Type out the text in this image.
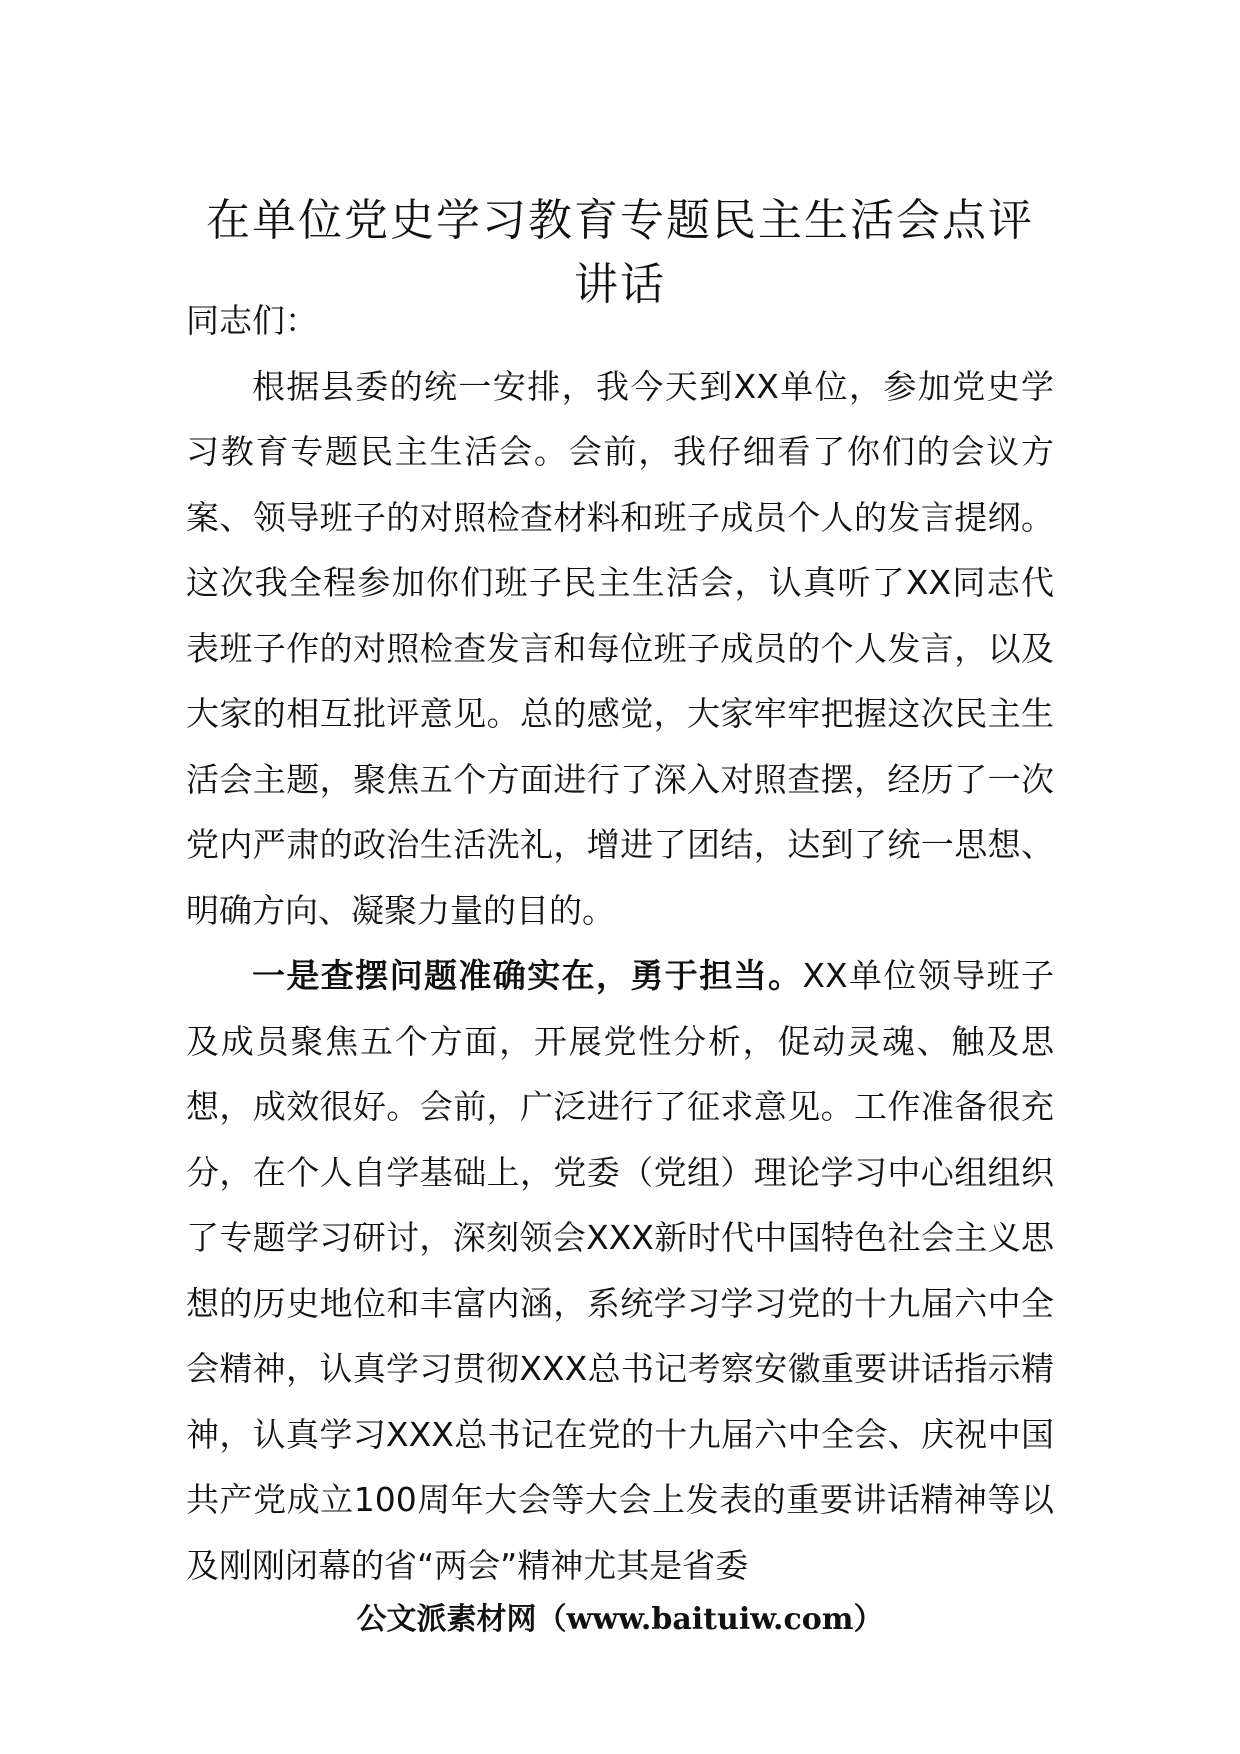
在单位党史学习教育专题民主生活会点评讲话

同志们：

根据县委的统一安排，我今天到XX单位，参加党史学习教育专题民主生活会。会前，我仔细看了你们的会议方案、领导班子的对照检查材料和班子成员个人的发言提纲。这次我全程参加你们班子民主生活会，认真听了XX同志代表班子作的对照检查发言和每位班子成员的个人发言，以及大家的相互批评意见。总的感觉，大家牢牢把握这次民主生活会主题，聚焦五个方面进行了深入对照查摆，经历了一次党内严肃的政治生活洗礼，增进了团结，达到了统一思想、明确方向、凝聚力量的目的。

一是查摆问题准确实在，勇于担当。XX单位领导班子及成员聚焦五个方面，开展党性分析，促动灵魂、触及思想，成效很好。会前，广泛进行了征求意见。工作准备很充分，在个人自学基础上，党委（党组）理论学习中心组组织了专题学习研讨，深刻领会XXX新时代中国特色社会主义思想的历史地位和丰富内涵，系统学习学习党的十九届六中全会精神，认真学习贯彻XXX总书记考察安徽重要讲话指示精神，认真学习XXX总书记在党的十九届六中全会、庆祝中国共产党成立100周年大会等大会上发表的重要讲话精神等以及刚刚闭幕的省“两会”精神尤其是省委

公文派素材网（www.baituiw.com）
